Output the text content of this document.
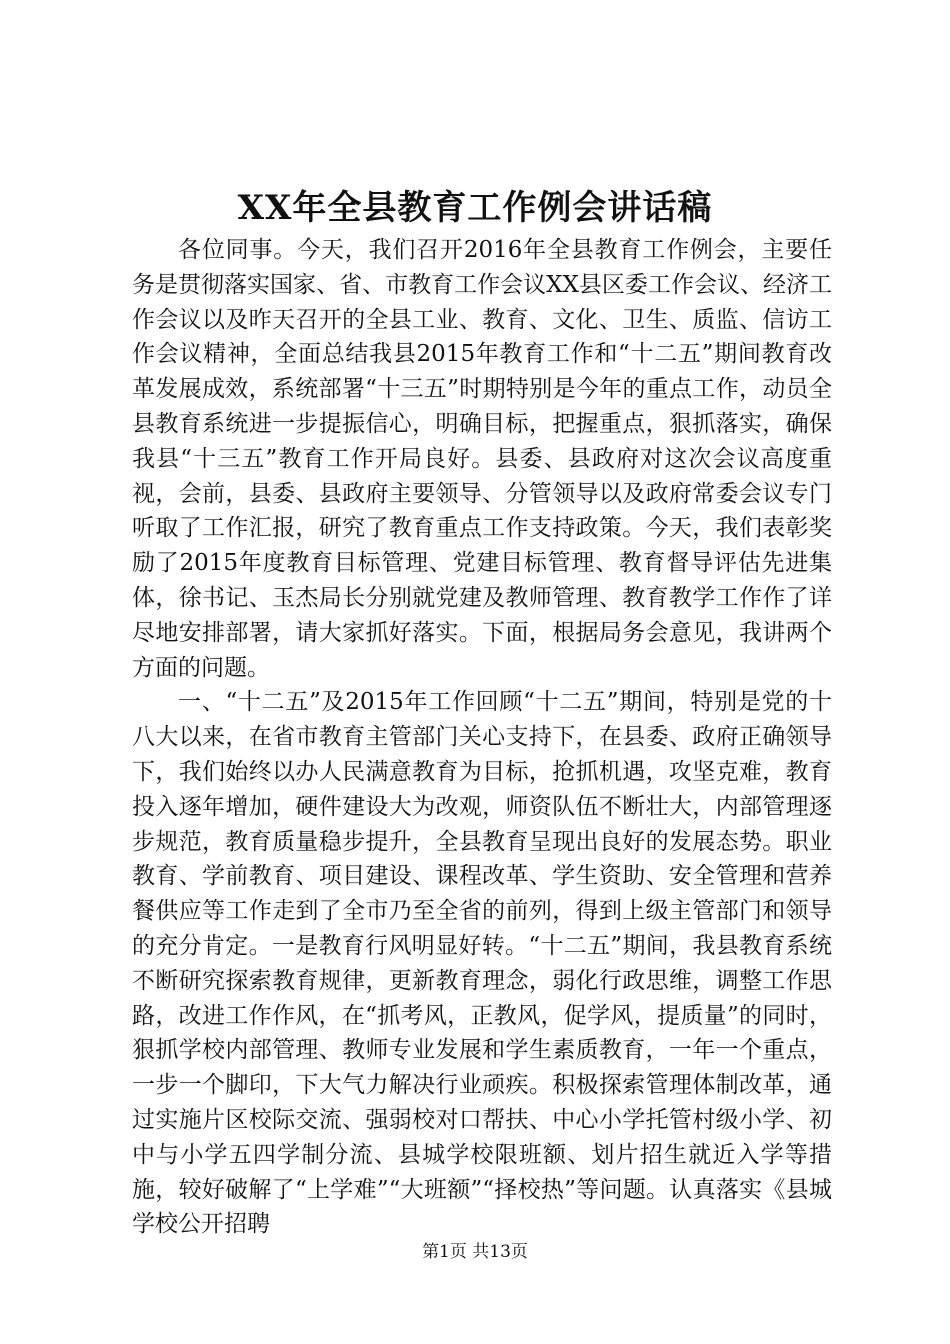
XX年全县教育工作例会讲话稿

各位同事。今天，我们召开2016年全县教育工作例会，主要任务是贯彻落实国家、省、市教育工作会议XX县区委工作会议、经济工作会议以及昨天召开的全县工业、教育、文化、卫生、质监、信访工作会议精神，全面总结我县2015年教育工作和“十二五”期间教育改革发展成效，系统部署“十三五”时期特别是今年的重点工作，动员全县教育系统进一步提振信心，明确目标，把握重点，狠抓落实，确保我县“十三五”教育工作开局良好。县委、县政府对这次会议高度重视，会前，县委、县政府主要领导、分管领导以及政府常委会议专门听取了工作汇报，研究了教育重点工作支持政策。今天，我们表彰奖励了2015年度教育目标管理、党建目标管理、教育督导评估先进集体，徐书记、玉杰局长分别就党建及教师管理、教育教学工作作了详尽地安排部署，请大家抓好落实。下面，根据局务会意见，我讲两个方面的问题。

一、“十二五”及2015年工作回顾“十二五”期间，特别是党的十八大以来，在省市教育主管部门关心支持下，在县委、政府正确领导下，我们始终以办人民满意教育为目标，抢抓机遇，攻坚克难，教育投入逐年增加，硬件建设大为改观，师资队伍不断壮大，内部管理逐步规范，教育质量稳步提升，全县教育呈现出良好的发展态势。职业教育、学前教育、项目建设、课程改革、学生资助、安全管理和营养餐供应等工作走到了全市乃至全省的前列，得到上级主管部门和领导的充分肯定。一是教育行风明显好转。“十二五”期间，我县教育系统不断研究探索教育规律，更新教育理念，弱化行政思维，调整工作思路，改进工作作风，在“抓考风，正教风，促学风，提质量”的同时，狠抓学校内部管理、教师专业发展和学生素质教育，一年一个重点，一步一个脚印，下大气力解决行业顽疾。积极探索管理体制改革，通过实施片区校际交流、强弱校对口帮扶、中心小学托管村级小学、初中与小学五四学制分流、县城学校限班额、划片招生就近入学等措施，较好破解了“上学难”“大班额”“择校热”等问题。认真落实《县城学校公开招聘

第1页 共13页
